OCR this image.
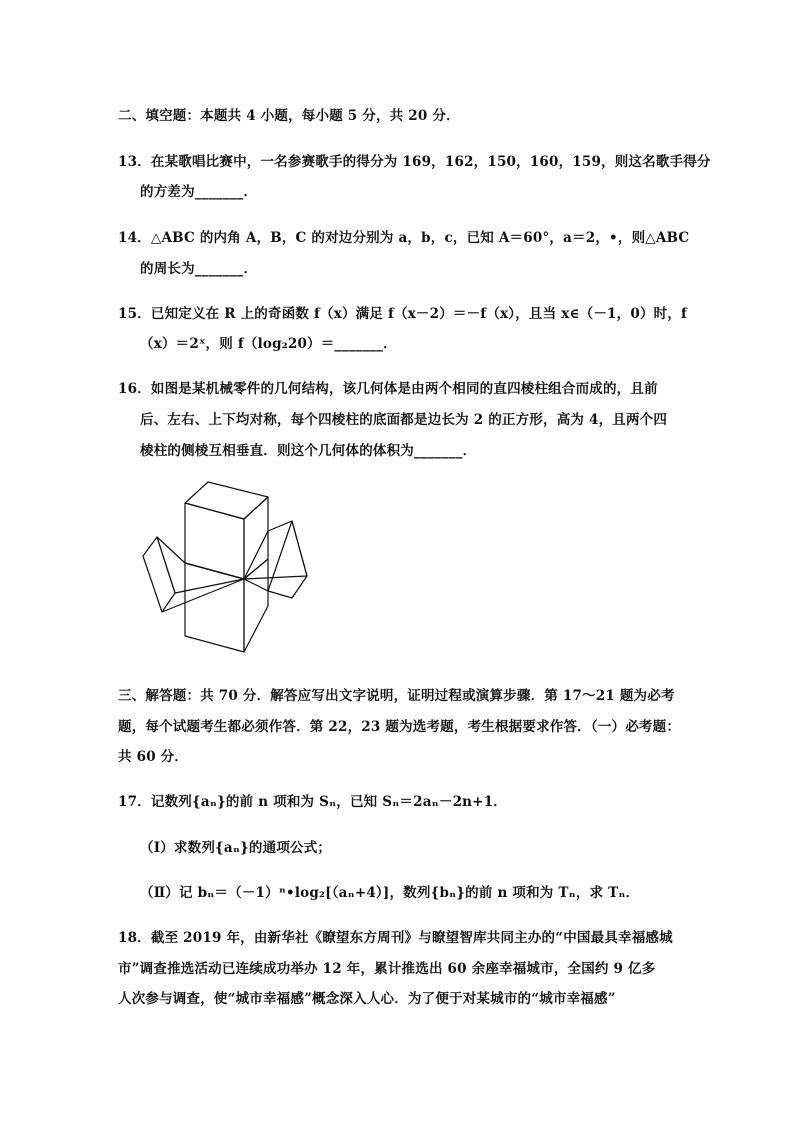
二、填空题：本题共 4 小题，每小题 5 分，共 20 分．
13．在某歌唱比赛中，一名参赛歌手的得分为 169，162，150，160，159，则这名歌手得分
的方差为_______．
14．△ABC 的内角 A，B，C 的对边分别为 a，b，c，已知 A＝60°，a＝2，•，则△ABC
的周长为_______．
15．已知定义在 R 上的奇函数 f（x）满足 f（x－2）＝－f（x），且当 x∈（－1，0）时，f
（x）＝2ˣ，则 f（log₂20）＝_______．
16．如图是某机械零件的几何结构，该几何体是由两个相同的直四棱柱组合而成的，且前
后、左右、上下均对称，每个四棱柱的底面都是边长为 2 的正方形，高为 4，且两个四
棱柱的侧棱互相垂直．则这个几何体的体积为_______．
三、解答题：共 70 分．解答应写出文字说明，证明过程或演算步骤．第 17～21 题为必考
题，每个试题考生都必须作答．第 22，23 题为选考题，考生根据要求作答．（一）必考题：
共 60 分．
17．记数列{aₙ}的前 n 项和为 Sₙ，已知 Sₙ＝2aₙ－2n+1．
（Ⅰ）求数列{aₙ}的通项公式；
（Ⅱ）记 bₙ＝（－1）ⁿ•log₂[（aₙ+4）]，数列{bₙ}的前 n 项和为 Tₙ，求 Tₙ．
18．截至 2019 年，由新华社《瞭望东方周刊》与瞭望智库共同主办的“中国最具幸福感城
市”调查推选活动已连续成功举办 12 年，累计推选出 60 余座幸福城市，全国约 9 亿多
人次参与调查，使“城市幸福感”概念深入人心．为了便于对某城市的“城市幸福感”
